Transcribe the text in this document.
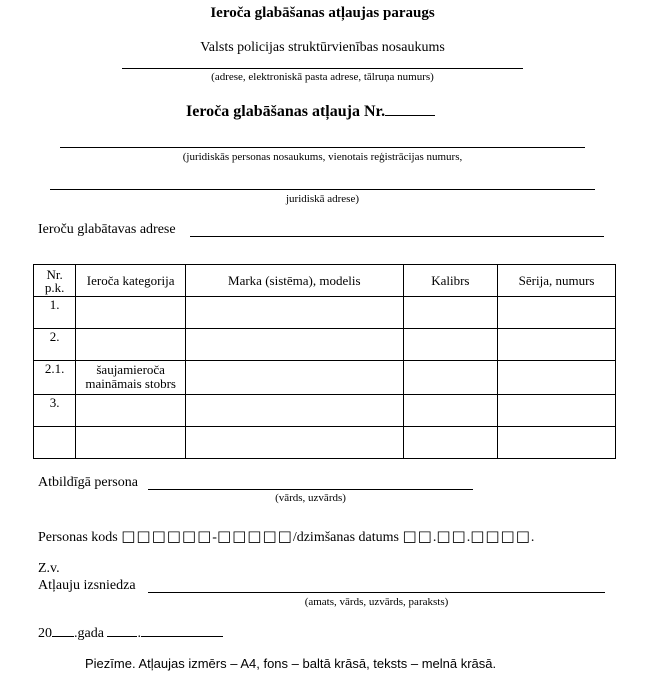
Ieroča glabāšanas atļaujas paraugs
Valsts policijas struktūrvienības nosaukums
(adrese, elektroniskā pasta adrese, tālruņa numurs)
Ieroča glabāšanas atļauja Nr.
(juridiskās personas nosaukums, vienotais reģistrācijas numurs,
juridiskā adrese)
Ieroču glabātavas adrese
Nr. p.k.	Ieroča kategorija	Marka (sistēma), modelis	Kalibrs	Sērija, numurs
1.				
2.				
2.1.	šaujamieroča maināmais stobrs			
3.				

Atbildīgā persona
(vārds, uzvārds)
Personas kods □□□□□□-□□□□□/dzimšanas datums □□.□□.□□□□.
Z.v.
Atļauju izsniedza
(amats, vārds, uzvārds, paraksts)
20 .gada .
Piezīme. Atļaujas izmērs – A4, fons – baltā krāsā, teksts – melnā krāsā.
